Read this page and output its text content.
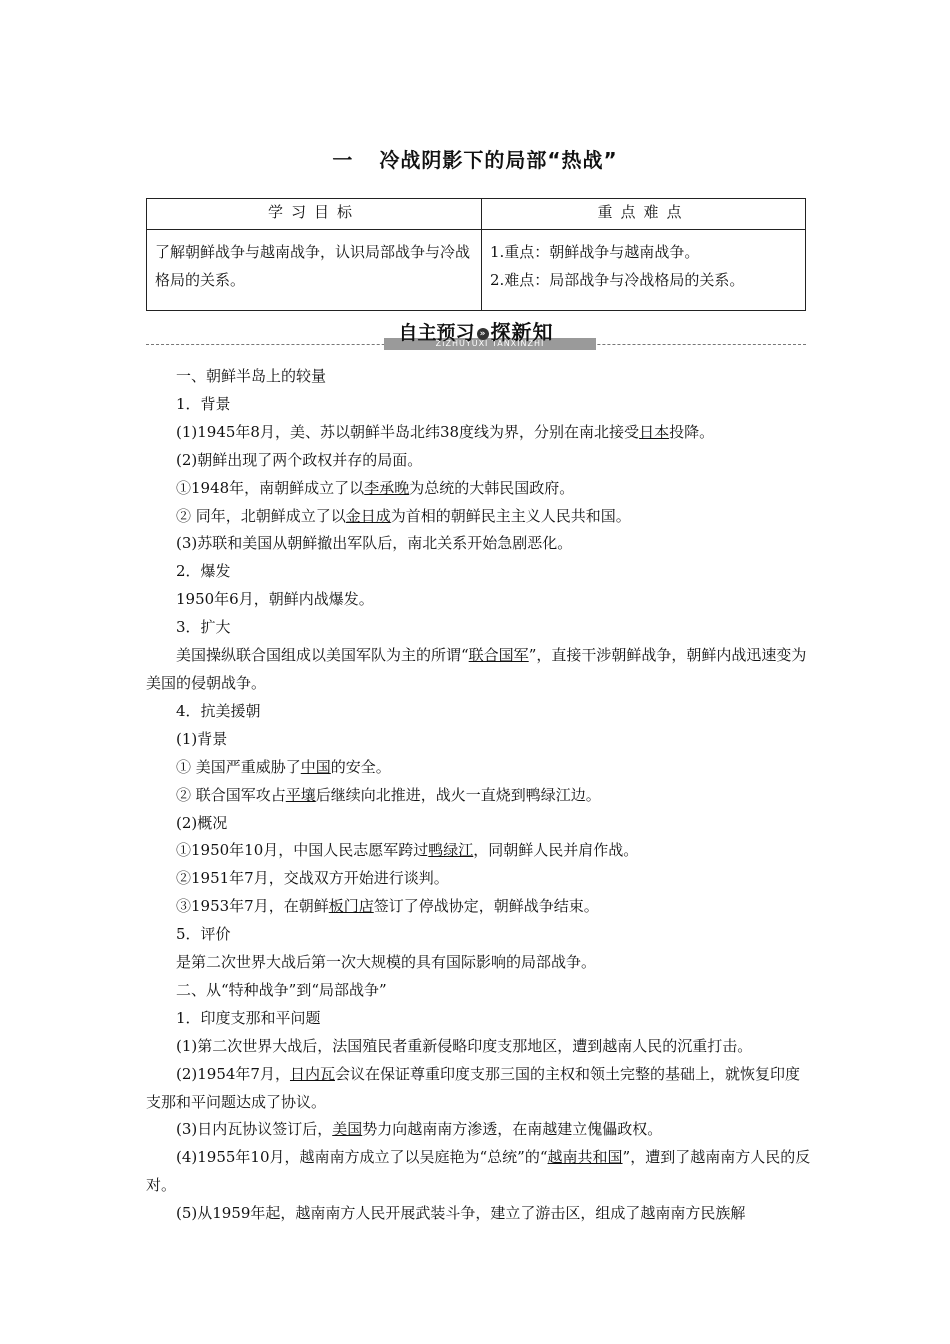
一 冷战阴影下的局部“热战”
学习目标	重点难点
了解朝鲜战争与越南战争，认识局部战争与冷战格局的关系。	1.重点：朝鲜战争与越南战争。
2.难点：局部战争与冷战格局的关系。
ZIZHUYUXI TANXINZHI
自主预习 » 探新知

一、朝鲜半岛上的较量

1．背景

(1)1945年8月，美、苏以朝鲜半岛北纬38度线为界，分别在南北接受日本投降。

(2)朝鲜出现了两个政权并存的局面。

①1948年，南朝鲜成立了以李承晚为总统的大韩民国政府。

② 同年，北朝鲜成立了以金日成为首相的朝鲜民主主义人民共和国。

(3)苏联和美国从朝鲜撤出军队后，南北关系开始急剧恶化。

2．爆发

1950年6月，朝鲜内战爆发。

3．扩大

美国操纵联合国组成以美国军队为主的所谓“联合国军”，直接干涉朝鲜战争，朝鲜内战迅速变为美国的侵朝战争。

4．抗美援朝

(1)背景

① 美国严重威胁了中国的安全。

② 联合国军攻占平壤后继续向北推进，战火一直烧到鸭绿江边。

(2)概况

①1950年10月，中国人民志愿军跨过鸭绿江，同朝鲜人民并肩作战。

②1951年7月，交战双方开始进行谈判。

③1953年7月，在朝鲜板门店签订了停战协定，朝鲜战争结束。

5．评价

是第二次世界大战后第一次大规模的具有国际影响的局部战争。

二、从“特种战争”到“局部战争”

1．印度支那和平问题

(1)第二次世界大战后，法国殖民者重新侵略印度支那地区，遭到越南人民的沉重打击。

(2)1954年7月，日内瓦会议在保证尊重印度支那三国的主权和领土完整的基础上，就恢复印度支那和平问题达成了协议。

(3)日内瓦协议签订后，美国势力向越南南方渗透，在南越建立傀儡政权。

(4)1955年10月，越南南方成立了以吴庭艳为“总统”的“越南共和国”，遭到了越南南方人民的反对。

(5)从1959年起，越南南方人民开展武装斗争，建立了游击区，组成了越南南方民族解
